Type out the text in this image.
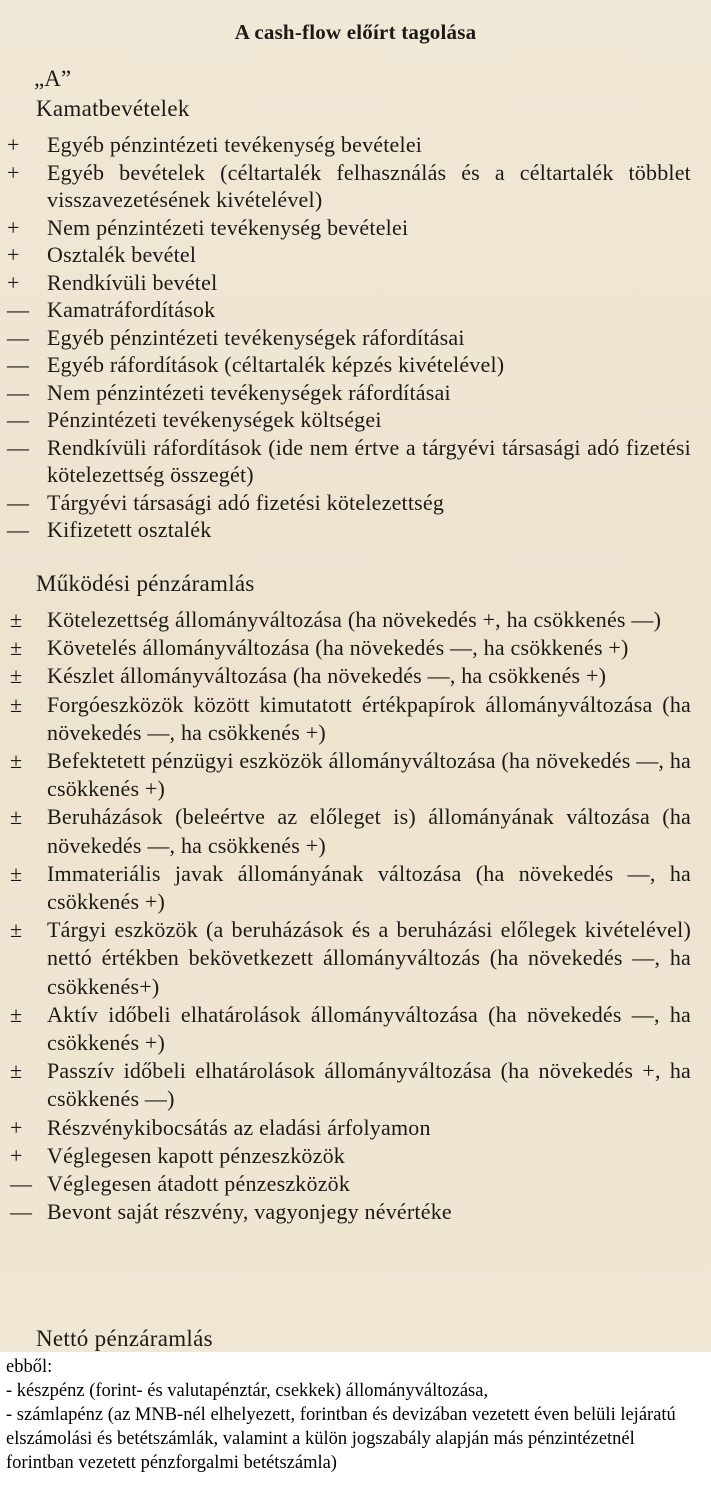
A cash-flow előírt tagolása

„A”

Kamatbevételek

+	Egyéb pénzintézeti tevékenység bevételei
+	Egyéb bevételek (céltartalék felhasználás és a céltartalék többlet visszavezetésének kivételével)
+	Nem pénzintézeti tevékenység bevételei
+	Osztalék bevétel
+	Rendkívüli bevétel
— Kamatráfordítások
— Egyéb pénzintézeti tevékenységek ráfordításai
— Egyéb ráfordítások (céltartalék képzés kivételével)
— Nem pénzintézeti tevékenységek ráfordításai
— Pénzintézeti tevékenységek költségei
— Rendkívüli ráfordítások (ide nem értve a tárgyévi társasági adó fizetési kötelezettség összegét)
— Tárgyévi társasági adó fizetési kötelezettség
— Kifizetett osztalék

Működési pénzáramlás

±	Kötelezettség állományváltozása (ha növekedés +, ha csökkenés —)
±	Követelés állományváltozása (ha növekedés —, ha csökkenés +)
±	Készlet állományváltozása (ha növekedés —, ha csökkenés +)
±	Forgóeszközök között kimutatott értékpapírok állományváltozása (ha növekedés —, ha csökkenés +)
±	Befektetett pénzügyi eszközök állományváltozása (ha növekedés —, ha csökkenés +)
±	Beruházások (beleértve az előleget is) állományának változása (ha növekedés —, ha csökkenés +)
±	Immateriális javak állományának változása (ha növekedés —, ha csökkenés +)
±	Tárgyi eszközök (a beruházások és a beruházási előlegek kivételével) nettó értékben bekövetkezett állományváltozás (ha növekedés —, ha csökkenés+)
±	Aktív időbeli elhatárolások állományváltozása (ha növekedés —, ha csökkenés +)
±	Passzív időbeli elhatárolások állományváltozása (ha növekedés +, ha csökkenés —)
+	Részvénykibocsátás az eladási árfolyamon
+	Véglegesen kapott pénzeszközök
— Véglegesen átadott pénzeszközök
— Bevont saját részvény, vagyonjegy névértéke

Nettó pénzáramlás

ebből:

- készpénz (forint- és valutapénztár, csekkek) állományváltozása,

- számlapénz (az MNB-nél elhelyezett, forintban és devizában vezetett éven belüli lejáratú elszámolási és betétszámlák, valamint a külön jogszabály alapján más pénzintézetnél forintban vezetett pénzforgalmi betétszámla)
